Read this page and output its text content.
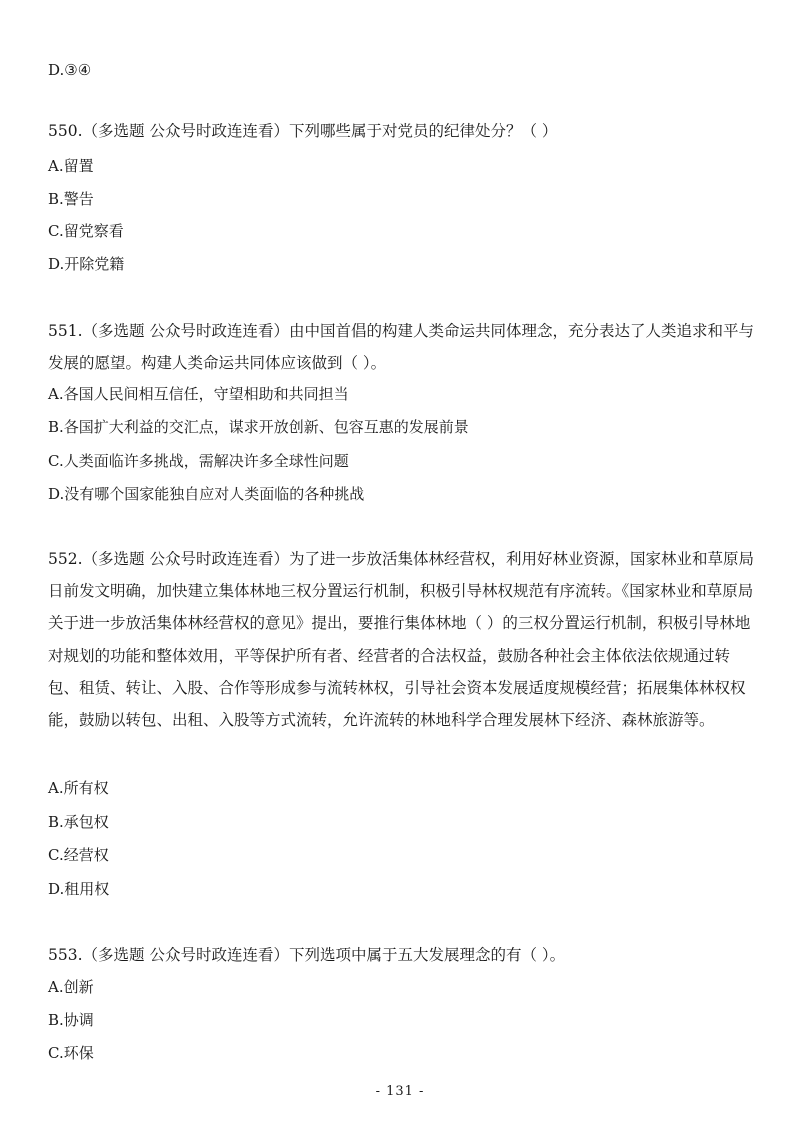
D.③④
550.（多选题 公众号时政连连看）下列哪些属于对党员的纪律处分？（ ）
A.留置
B.警告
C.留党察看
D.开除党籍
551.（多选题 公众号时政连连看）由中国首倡的构建人类命运共同体理念，充分表达了人类追求和平与发展的愿望。构建人类命运共同体应该做到（ ）。
A.各国人民间相互信任，守望相助和共同担当
B.各国扩大利益的交汇点，谋求开放创新、包容互惠的发展前景
C.人类面临许多挑战，需解决许多全球性问题
D.没有哪个国家能独自应对人类面临的各种挑战
552.（多选题 公众号时政连连看）为了进一步放活集体林经营权，利用好林业资源，国家林业和草原局日前发文明确，加快建立集体林地三权分置运行机制，积极引导林权规范有序流转。《国家林业和草原局关于进一步放活集体林经营权的意见》提出，要推行集体林地（ ）的三权分置运行机制，积极引导林地对规划的功能和整体效用，平等保护所有者、经营者的合法权益，鼓励各种社会主体依法依规通过转包、租赁、转让、入股、合作等形成参与流转林权，引导社会资本发展适度规模经营；拓展集体林权权能，鼓励以转包、出租、入股等方式流转，允许流转的林地科学合理发展林下经济、森林旅游等。
A.所有权
B.承包权
C.经营权
D.租用权
553.（多选题 公众号时政连连看）下列选项中属于五大发展理念的有（ ）。
A.创新
B.协调
C.环保
- 131 -
